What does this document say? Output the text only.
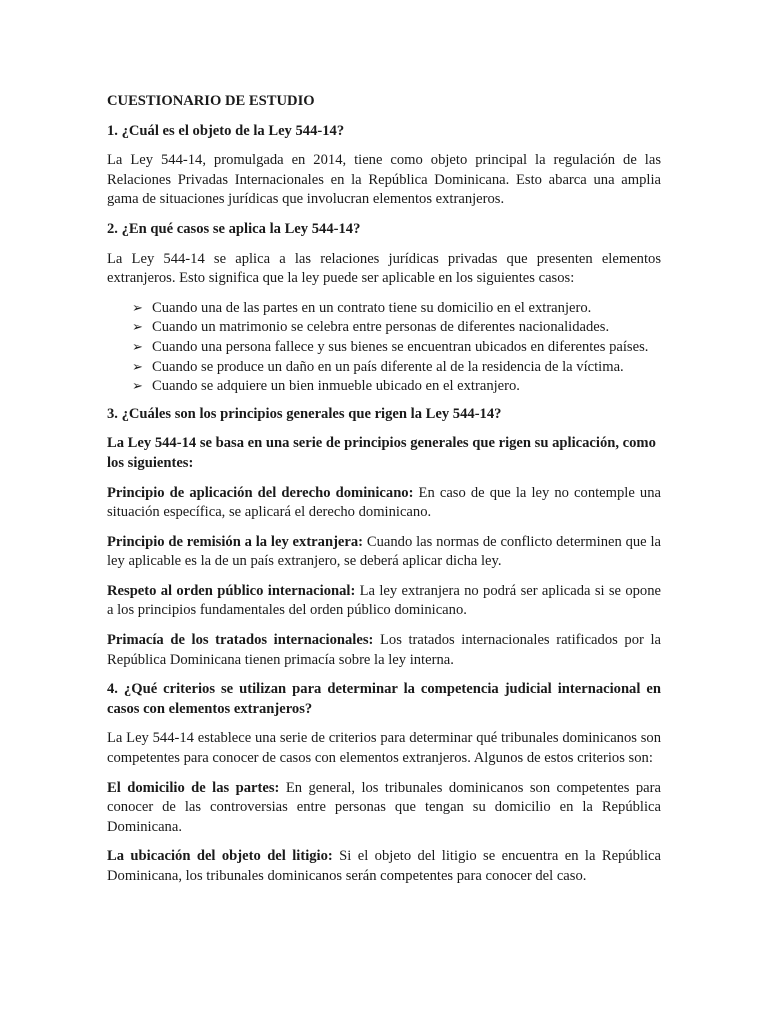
CUESTIONARIO DE ESTUDIO
1. ¿Cuál es el objeto de la Ley 544-14?
La Ley 544-14, promulgada en 2014, tiene como objeto principal la regulación de las Relaciones Privadas Internacionales en la República Dominicana. Esto abarca una amplia gama de situaciones jurídicas que involucran elementos extranjeros.
2. ¿En qué casos se aplica la Ley 544-14?
La Ley 544-14 se aplica a las relaciones jurídicas privadas que presenten elementos extranjeros. Esto significa que la ley puede ser aplicable en los siguientes casos:
➢ Cuando una de las partes en un contrato tiene su domicilio en el extranjero.
➢ Cuando un matrimonio se celebra entre personas de diferentes nacionalidades.
➢ Cuando una persona fallece y sus bienes se encuentran ubicados en diferentes países.
➢ Cuando se produce un daño en un país diferente al de la residencia de la víctima.
➢ Cuando se adquiere un bien inmueble ubicado en el extranjero.
3. ¿Cuáles son los principios generales que rigen la Ley 544-14?
La Ley 544-14 se basa en una serie de principios generales que rigen su aplicación, como los siguientes:
Principio de aplicación del derecho dominicano: En caso de que la ley no contemple una situación específica, se aplicará el derecho dominicano.
Principio de remisión a la ley extranjera: Cuando las normas de conflicto determinen que la ley aplicable es la de un país extranjero, se deberá aplicar dicha ley.
Respeto al orden público internacional: La ley extranjera no podrá ser aplicada si se opone a los principios fundamentales del orden público dominicano.
Primacía de los tratados internacionales: Los tratados internacionales ratificados por la República Dominicana tienen primacía sobre la ley interna.
4. ¿Qué criterios se utilizan para determinar la competencia judicial internacional en casos con elementos extranjeros?
La Ley 544-14 establece una serie de criterios para determinar qué tribunales dominicanos son competentes para conocer de casos con elementos extranjeros. Algunos de estos criterios son:
El domicilio de las partes: En general, los tribunales dominicanos son competentes para conocer de las controversias entre personas que tengan su domicilio en la República Dominicana.
La ubicación del objeto del litigio: Si el objeto del litigio se encuentra en la República Dominicana, los tribunales dominicanos serán competentes para conocer del caso.
